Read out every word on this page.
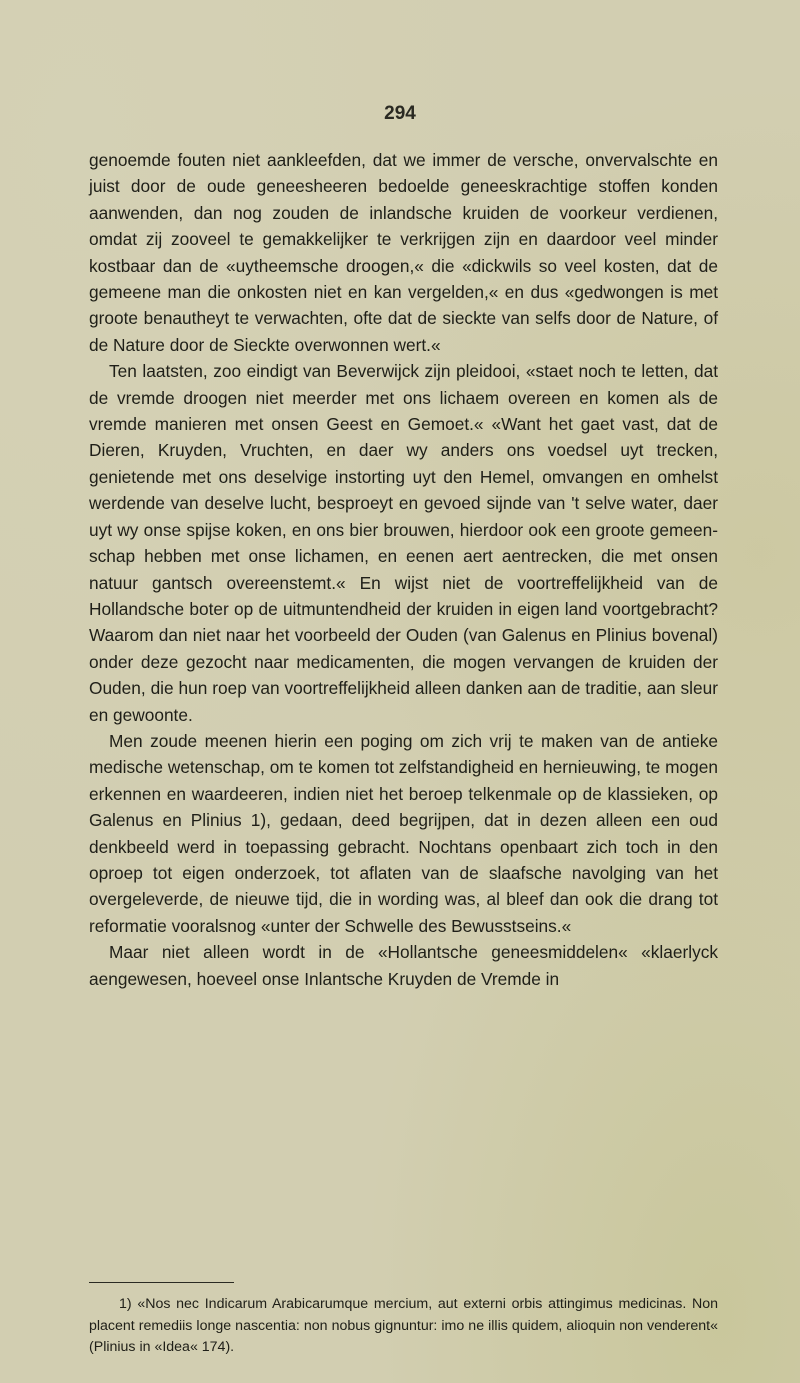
294

genoemde fouten niet aankleefden, dat we immer de versche, onvervalschte en juist door de oude geneesheeren bedoelde geneeskrachtige stoffen konden aanwenden, dan nog zouden de inlandsche kruiden de voorkeur verdienen, omdat zij zooveel te gemakkelijker te verkrijgen zijn en daardoor veel minder kostbaar dan de «uytheemsche droogen,« die «dickwils so veel kosten, dat de gemeene man die onkosten niet en kan vergelden,« en dus «gedwongen is met groote benautheyt te verwachten, ofte dat de sieckte van selfs door de Nature, of de Nature door de Sieckte overwonnen wert.«

Ten laatsten, zoo eindigt van Beverwijck zijn pleidooi, «staet noch te letten, dat de vremde droogen niet meerder met ons lichaem overeen en komen als de vremde manieren met onsen Geest en Gemoet.« «Want het gaet vast, dat de Dieren, Kruyden, Vruchten, en daer wy anders ons voedsel uyt trecken, genietende met ons deselvige instorting uyt den Hemel, omvangen en omhelst werdende van deselve lucht, besproeyt en gevoed sijnde van 't selve water, daer uyt wy onse spijse koken, en ons bier brouwen, hierdoor ook een groote gemeenschap hebben met onse lichamen, en eenen aert aentrecken, die met onsen natuur gantsch overeenstemt.« En wijst niet de voortreffelijkheid van de Hollandsche boter op de uitmuntendheid der kruiden in eigen land voortgebracht? Waarom dan niet naar het voorbeeld der Ouden (van Galenus en Plinius bovenal) onder deze gezocht naar medicamenten, die mogen vervangen de kruiden der Ouden, die hun roep van voortreffelijkheid alleen danken aan de traditie, aan sleur en gewoonte.

Men zoude meenen hierin een poging om zich vrij te maken van de antieke medische wetenschap, om te komen tot zelfstandigheid en hernieuwing, te mogen erkennen en waardeeren, indien niet het beroep telkenmale op de klassieken, op Galenus en Plinius 1), gedaan, deed begrijpen, dat in dezen alleen een oud denkbeeld werd in toepassing gebracht. Nochtans openbaart zich toch in den oproep tot eigen onderzoek, tot aflaten van de slaafsche navolging van het overgeleverde, de nieuwe tijd, die in wording was, al bleef dan ook die drang tot reformatie vooralsnog «unter der Schwelle des Bewusstseins.«

Maar niet alleen wordt in de «Hollantsche geneesmiddelen« «klaerlyck aengewesen, hoeveel onse Inlantsche Kruyden de Vremde in

1) «Nos nec Indicarum Arabicarumque mercium, aut externi orbis attingimus medicinas. Non placent remediis longe nascentia: non nobus gignuntur: imo ne illis quidem, alioquin non venderent« (Plinius in «Idea« 174).
